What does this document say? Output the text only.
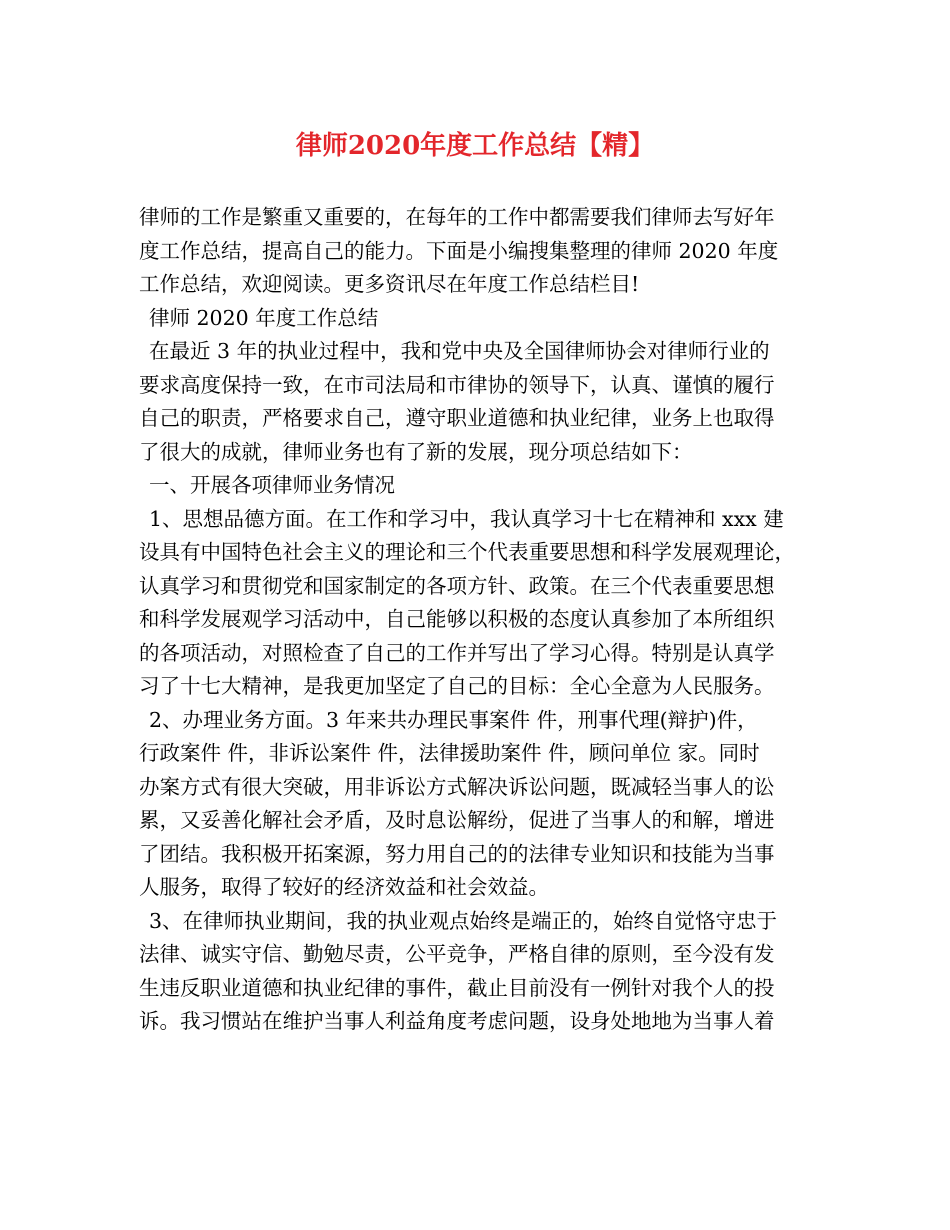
律师2020年度工作总结【精】
律师的工作是繁重又重要的，在每年的工作中都需要我们律师去写好年
度工作总结，提高自己的能力。下面是小编搜集整理的律师 2020 年度
工作总结，欢迎阅读。更多资讯尽在年度工作总结栏目!
律师 2020 年度工作总结
在最近 3 年的执业过程中，我和党中央及全国律师协会对律师行业的
要求高度保持一致，在市司法局和市律协的领导下，认真、谨慎的履行
自己的职责，严格要求自己，遵守职业道德和执业纪律，业务上也取得
了很大的成就，律师业务也有了新的发展，现分项总结如下：
一、开展各项律师业务情况
1、思想品德方面。在工作和学习中，我认真学习十七在精神和 xxx 建
设具有中国特色社会主义的理论和三个代表重要思想和科学发展观理论，
认真学习和贯彻党和国家制定的各项方针、政策。在三个代表重要思想
和科学发展观学习活动中，自己能够以积极的态度认真参加了本所组织
的各项活动，对照检查了自己的工作并写出了学习心得。特别是认真学
习了十七大精神，是我更加坚定了自己的目标：全心全意为人民服务。
2、办理业务方面。3 年来共办理民事案件 件，刑事代理(辩护)件，
行政案件 件，非诉讼案件 件，法律援助案件 件，顾问单位 家。同时
办案方式有很大突破，用非诉讼方式解决诉讼问题，既减轻当事人的讼
累，又妥善化解社会矛盾，及时息讼解纷，促进了当事人的和解，增进
了团结。我积极开拓案源，努力用自己的的法律专业知识和技能为当事
人服务，取得了较好的经济效益和社会效益。
3、在律师执业期间，我的执业观点始终是端正的，始终自觉恪守忠于
法律、诚实守信、勤勉尽责，公平竞争，严格自律的原则，至今没有发
生违反职业道德和执业纪律的事件，截止目前没有一例针对我个人的投
诉。我习惯站在维护当事人利益角度考虑问题，设身处地地为当事人着
